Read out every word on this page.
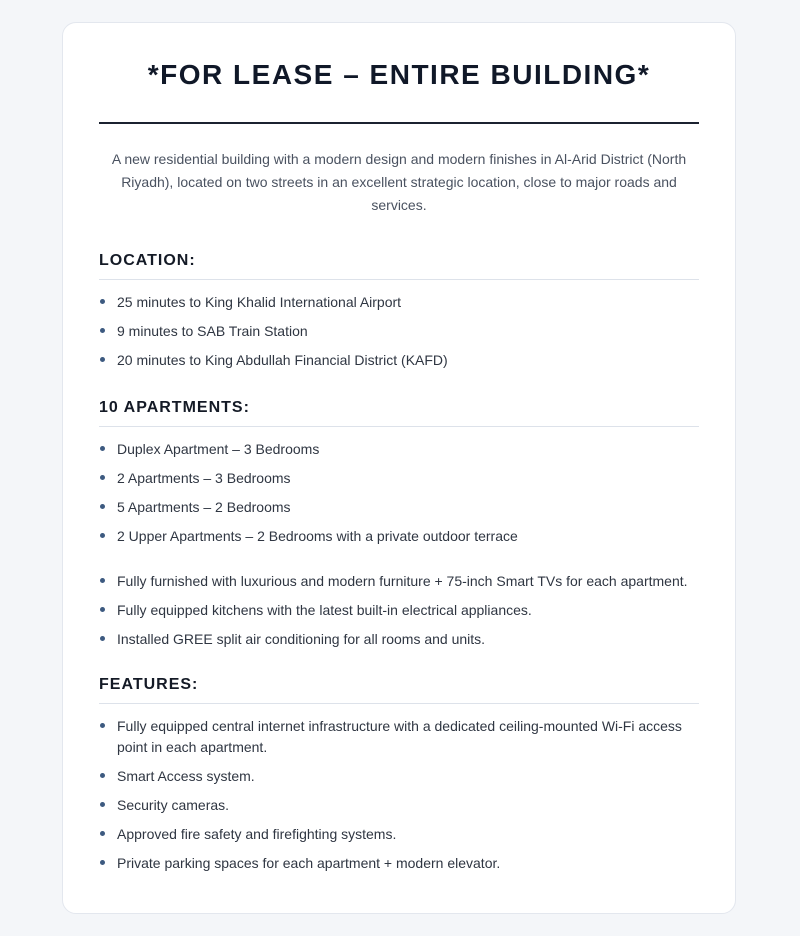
*FOR LEASE – ENTIRE BUILDING*

A new residential building with a modern design and modern finishes in Al-Arid District (North Riyadh), located on two streets in an excellent strategic location, close to major roads and services.

LOCATION:
25 minutes to King Khalid International Airport
9 minutes to SAB Train Station
20 minutes to King Abdullah Financial District (KAFD)
10 APARTMENTS:
Duplex Apartment – 3 Bedrooms
2 Apartments – 3 Bedrooms
5 Apartments – 2 Bedrooms
2 Upper Apartments – 2 Bedrooms with a private outdoor terrace
Fully furnished with luxurious and modern furniture + 75-inch Smart TVs for each apartment.
Fully equipped kitchens with the latest built-in electrical appliances.
Installed GREE split air conditioning for all rooms and units.
FEATURES:
Fully equipped central internet infrastructure with a dedicated ceiling-mounted Wi-Fi access point in each apartment.
Smart Access system.
Security cameras.
Approved fire safety and firefighting systems.
Private parking spaces for each apartment + modern elevator.
